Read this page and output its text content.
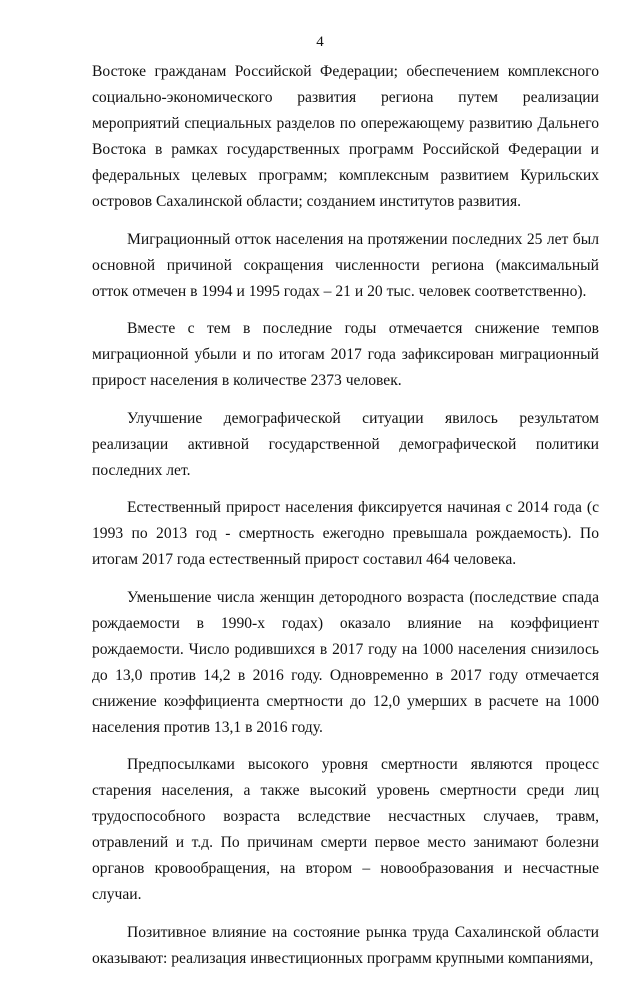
4

Востоке гражданам Российской Федерации; обеспечением комплексного социально-экономического развития региона путем реализации мероприятий специальных разделов по опережающему развитию Дальнего Востока в рамках государственных программ Российской Федерации и федеральных целевых программ; комплексным развитием Курильских островов Сахалинской области; созданием институтов развития.

Миграционный отток населения на протяжении последних 25 лет был основной причиной сокращения численности региона (максимальный отток отмечен в 1994 и 1995 годах – 21 и 20 тыс. человек соответственно).

Вместе с тем в последние годы отмечается снижение темпов миграционной убыли и по итогам 2017 года зафиксирован миграционный прирост населения в количестве 2373 человек.

Улучшение демографической ситуации явилось результатом реализации активной государственной демографической политики последних лет.

Естественный прирост населения фиксируется начиная с 2014 года (с 1993 по 2013 год - смертность ежегодно превышала рождаемость). По итогам 2017 года естественный прирост составил 464 человека.

Уменьшение числа женщин детородного возраста (последствие спада рождаемости в 1990-х годах) оказало влияние на коэффициент рождаемости. Число родившихся в 2017 году на 1000 населения снизилось до 13,0 против 14,2 в 2016 году. Одновременно в 2017 году отмечается снижение коэффициента смертности до 12,0 умерших в расчете на 1000 населения против 13,1 в 2016 году.

Предпосылками высокого уровня смертности являются процесс старения населения, а также высокий уровень смертности среди лиц трудоспособного возраста вследствие несчастных случаев, травм, отравлений и т.д. По причинам смерти первое место занимают болезни органов кровообращения, на втором – новообразования и несчастные случаи.

Позитивное влияние на состояние рынка труда Сахалинской области оказывают: реализация инвестиционных программ крупными компаниями,
